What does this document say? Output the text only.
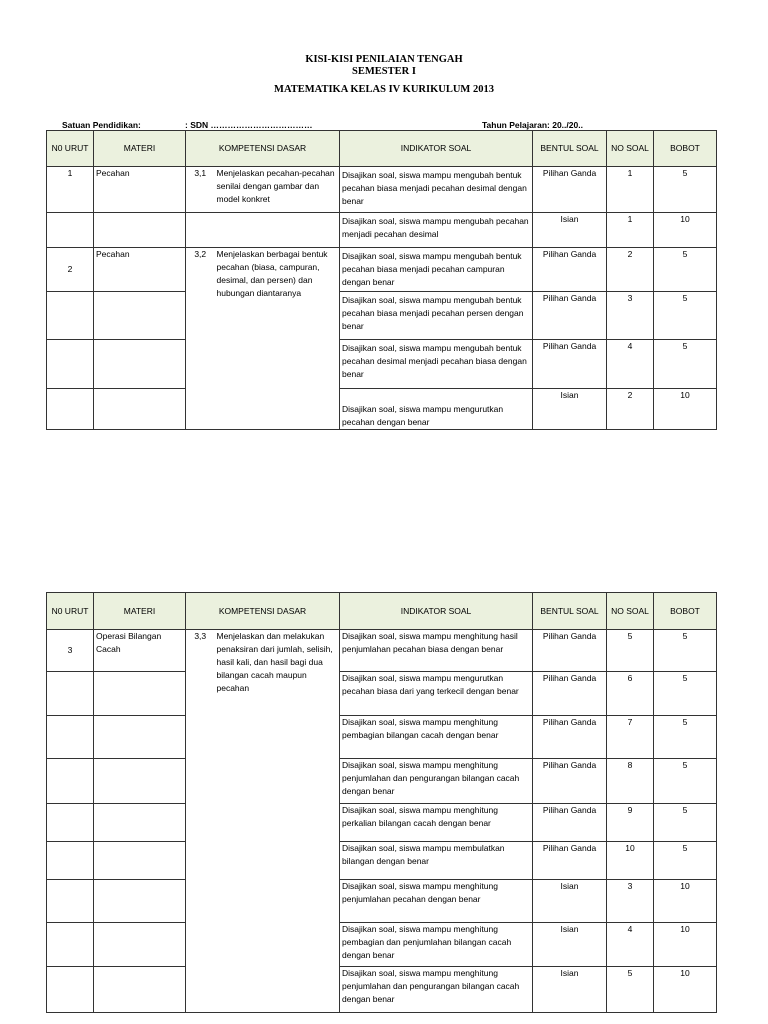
KISI-KISI PENILAIAN TENGAH
SEMESTER I
MATEMATIKA KELAS IV KURIKULUM 2013
Satuan Pendidikan:	: SDN ………………………………	Tahun Pelajaran: 20../20..
N0 URUT	MATERI	KOMPETENSI DASAR		INDIKATOR SOAL	BENTUL SOAL	NO SOAL	BOBOT
1	Pecahan	3,1	Menjelaskan pecahan-pecahan senilai dengan gambar dan model konkret	Disajikan soal, siswa mampu mengubah bentuk pecahan biasa menjadi pecahan desimal dengan benar	Pilihan Ganda	1	5
				Disajikan soal, siswa mampu mengubah pecahan menjadi pecahan desimal	Isian	1	10
2	Pecahan	3,2	Menjelaskan berbagai bentuk pecahan (biasa, campuran, desimal, dan persen) dan hubungan diantaranya	Disajikan soal, siswa mampu mengubah bentuk pecahan biasa menjadi pecahan campuran dengan benar	Pilihan Ganda	2	5
				Disajikan soal, siswa mampu mengubah bentuk pecahan biasa menjadi pecahan persen dengan benar	Pilihan Ganda	3	5
				Disajikan soal, siswa mampu mengubah bentuk pecahan desimal menjadi pecahan biasa dengan benar	Pilihan Ganda	4	5
				Disajikan soal, siswa mampu mengurutkan pecahan dengan benar	Isian	2	10
N0 URUT	MATERI	KOMPETENSI DASAR		INDIKATOR SOAL	BENTUL SOAL	NO SOAL	BOBOT
3	Operasi Bilangan Cacah	3,3	Menjelaskan dan melakukan penaksiran dari jumlah, selisih, hasil kali, dan hasil bagi dua bilangan cacah maupun pecahan	Disajikan soal, siswa mampu menghitung hasil penjumlahan pecahan biasa dengan benar	Pilihan Ganda	5	5
				Disajikan soal, siswa mampu mengurutkan pecahan biasa dari yang terkecil dengan benar	Pilihan Ganda	6	5
				Disajikan soal, siswa mampu menghitung pembagian bilangan cacah dengan benar	Pilihan Ganda	7	5
				Disajikan soal, siswa mampu menghitung penjumlahan dan pengurangan bilangan cacah dengan benar	Pilihan Ganda	8	5
				Disajikan soal, siswa mampu menghitung perkalian bilangan cacah dengan benar	Pilihan Ganda	9	5
				Disajikan soal, siswa mampu membulatkan bilangan dengan benar	Pilihan Ganda	10	5
				Disajikan soal, siswa mampu menghitung penjumlahan pecahan dengan benar	Isian	3	10
				Disajikan soal, siswa mampu menghitung pembagian dan penjumlahan bilangan cacah dengan benar	Isian	4	10
				Disajikan soal, siswa mampu menghitung penjumlahan dan pengurangan bilangan cacah dengan benar	Isian	5	10
